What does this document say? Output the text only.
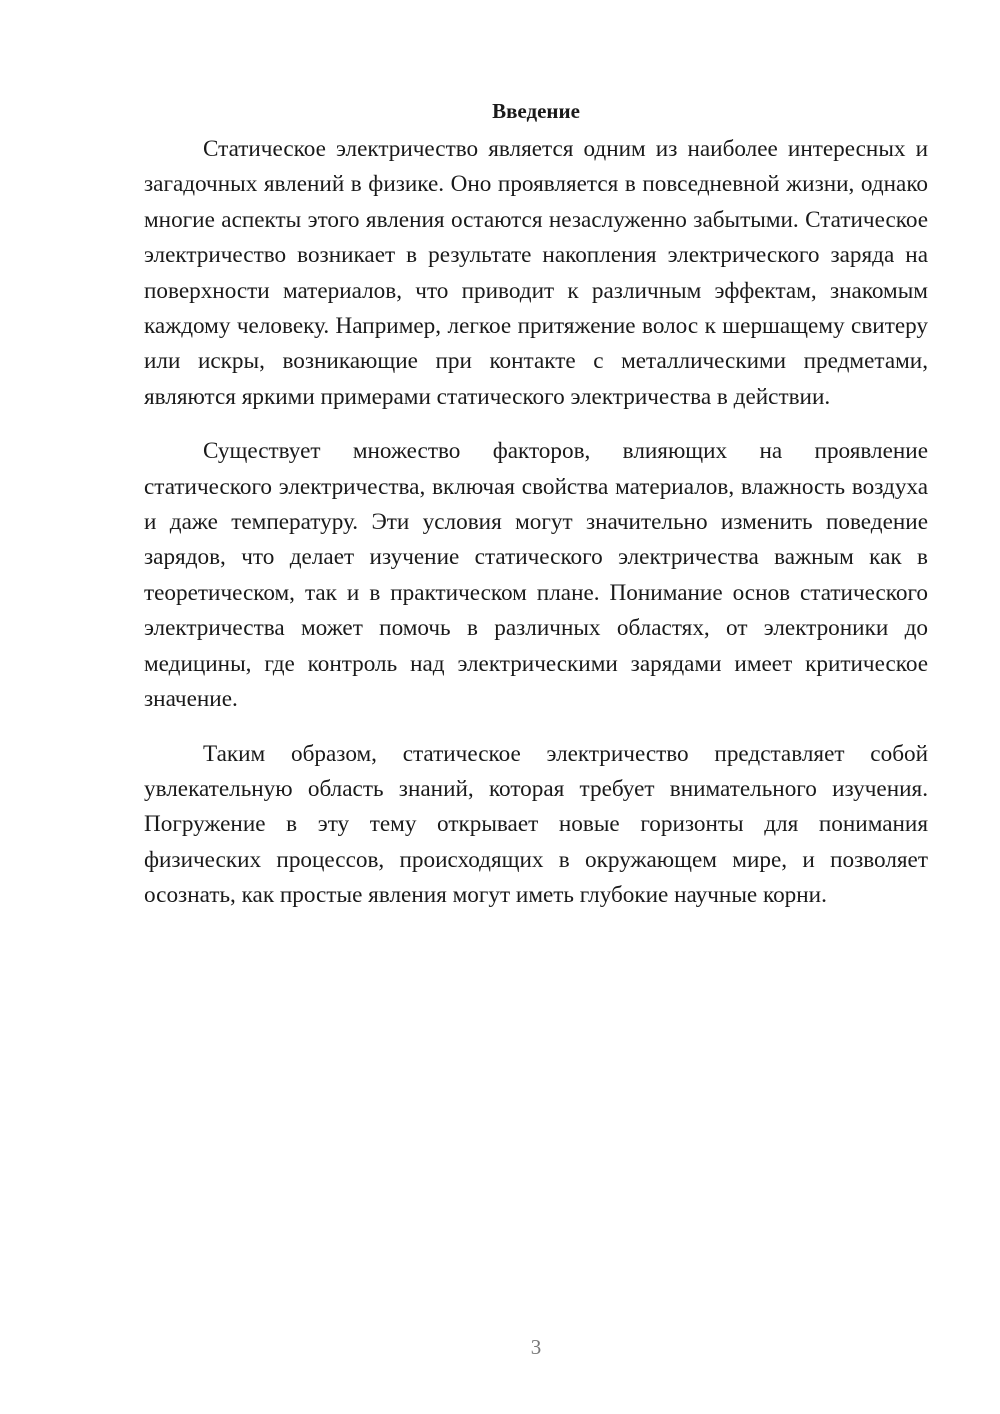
Введение

Статическое электричество является одним из наиболее интересных и загадочных явлений в физике. Оно проявляется в повседневной жизни, однако многие аспекты этого явления остаются незаслуженно забытыми. Статическое электричество возникает в результате накопления электрического заряда на поверхности материалов, что приводит к различным эффектам, знакомым каждому человеку. Например, легкое притяжение волос к шершащему свитеру или искры, возникающие при контакте с металлическими предметами, являются яркими примерами статического электричества в действии.

Существует множество факторов, влияющих на проявление статического электричества, включая свойства материалов, влажность воздуха и даже температуру. Эти условия могут значительно изменить поведение зарядов, что делает изучение статического электричества важным как в теоретическом, так и в практическом плане. Понимание основ статического электричества может помочь в различных областях, от электроники до медицины, где контроль над электрическими зарядами имеет критическое значение.

Таким образом, статическое электричество представляет собой увлекательную область знаний, которая требует внимательного изучения. Погружение в эту тему открывает новые горизонты для понимания физических процессов, происходящих в окружающем мире, и позволяет осознать, как простые явления могут иметь глубокие научные корни.

3
